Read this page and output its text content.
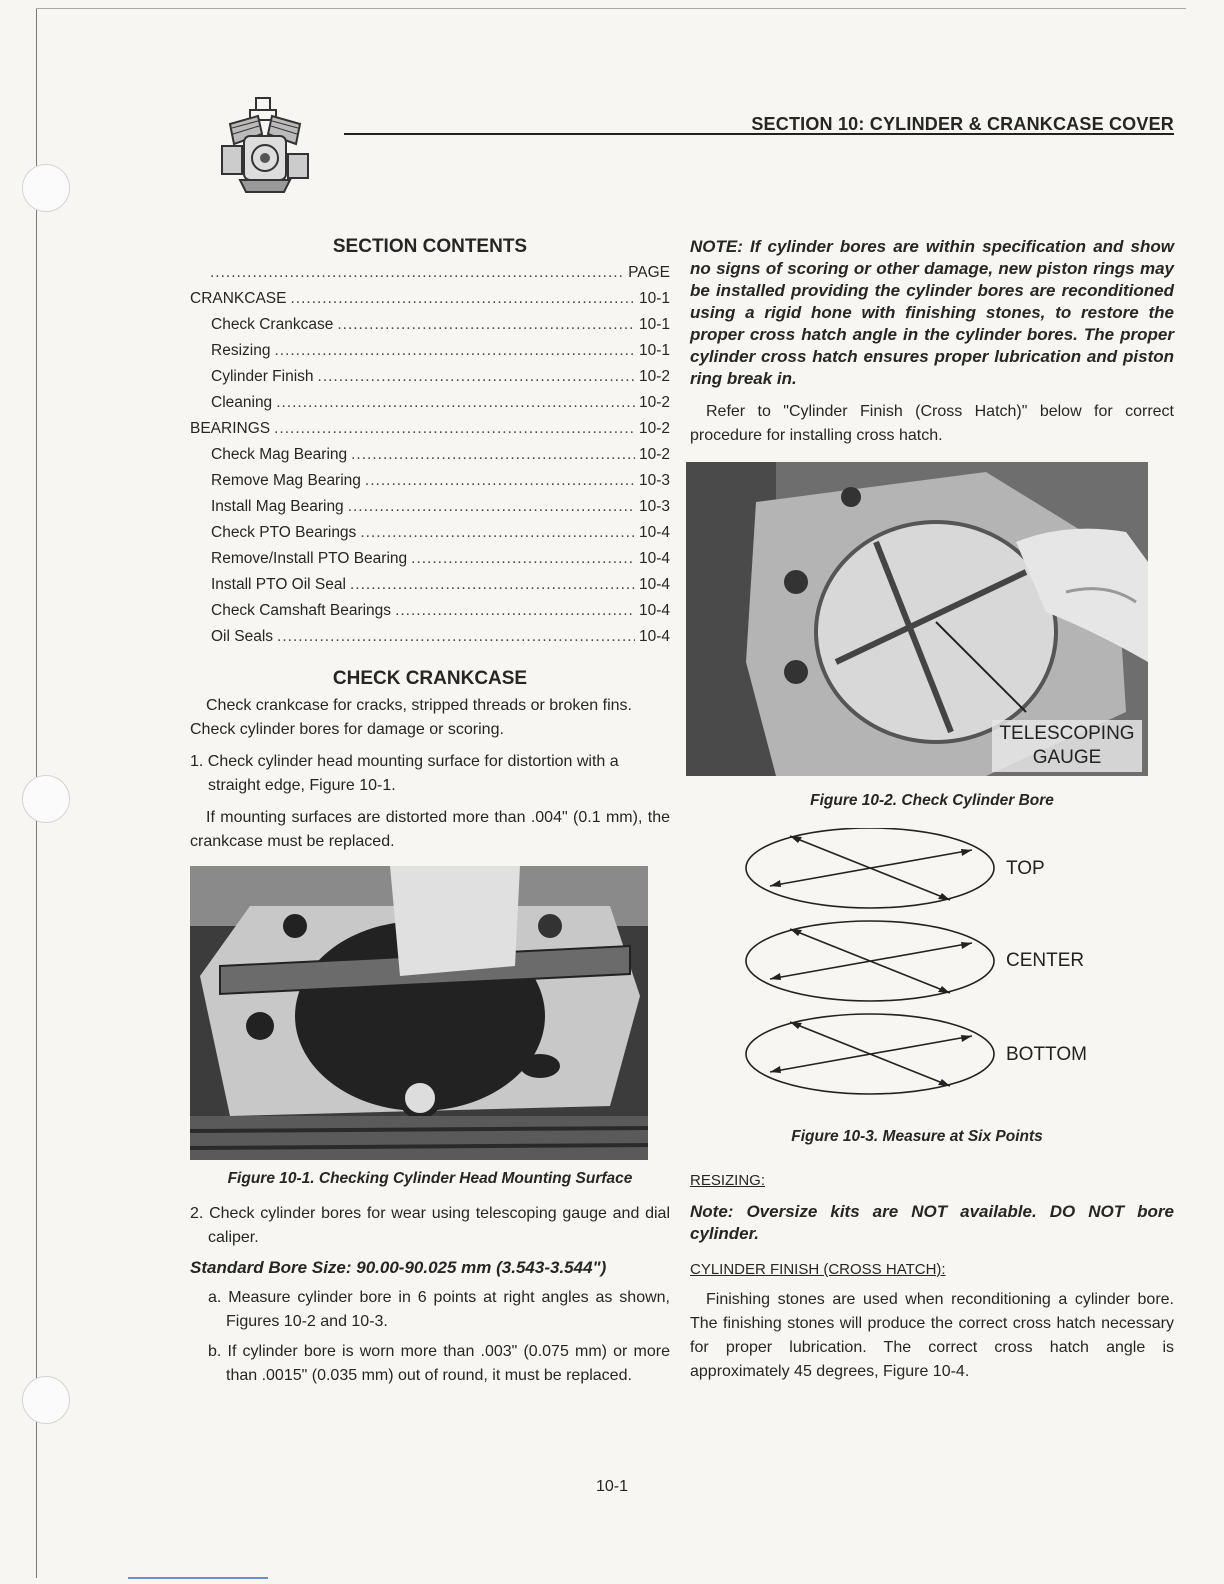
SECTION 10: CYLINDER & CRANKCASE COVER
SECTION CONTENTS
.....
PAGE
CRANKCASE .....	10-1
Check Crankcase .....	10-1
Resizing .....	10-1
Cylinder Finish .....	10-2
Cleaning .....	10-2
BEARINGS .....	10-2
Check Mag Bearing .....	10-2
Remove Mag Bearing .....	10-3
Install Mag Bearing .....	10-3
Check PTO Bearings .....	10-4
Remove/Install PTO Bearing .....	10-4
Install PTO Oil Seal .....	10-4
Check Camshaft Bearings .....	10-4
Oil Seals .....	10-4
CHECK CRANKCASE

Check crankcase for cracks, stripped threads or broken fins. Check cylinder bores for damage or scoring.

1. Check cylinder head mounting surface for distortion with a straight edge, Figure 10-1.

If mounting surfaces are distorted more than .004" (0.1 mm), the crankcase must be replaced.

Figure 10-1. Checking Cylinder Head Mounting Surface

2. Check cylinder bores for wear using telescoping gauge and dial caliper.

Standard Bore Size: 90.00-90.025 mm (3.543-3.544")

a. Measure cylinder bore in 6 points at right angles as shown, Figures 10-2 and 10-3.

b. If cylinder bore is worn more than .003" (0.075 mm) or more than .0015" (0.035 mm) out of round, it must be replaced.

NOTE: If cylinder bores are within specification and show no signs of scoring or other damage, new piston rings may be installed providing the cylinder bores are reconditioned using a rigid hone with finishing stones, to restore the proper cross hatch angle in the cylinder bores. The proper cylinder cross hatch ensures proper lubrication and piston ring break in.

Refer to "Cylinder Finish (Cross Hatch)" below for correct procedure for installing cross hatch.

TELESCOPING GAUGE
Figure 10-2. Check Cylinder Bore
TOP
CENTER
BOTTOM
Figure 10-3. Measure at Six Points
RESIZING:
Note: Oversize kits are NOT available. DO NOT bore cylinder.
CYLINDER FINISH (CROSS HATCH):

Finishing stones are used when reconditioning a cylinder bore. The finishing stones will produce the correct cross hatch necessary for proper lubrication. The correct cross hatch angle is approximately 45 degrees, Figure 10-4.

10-1
